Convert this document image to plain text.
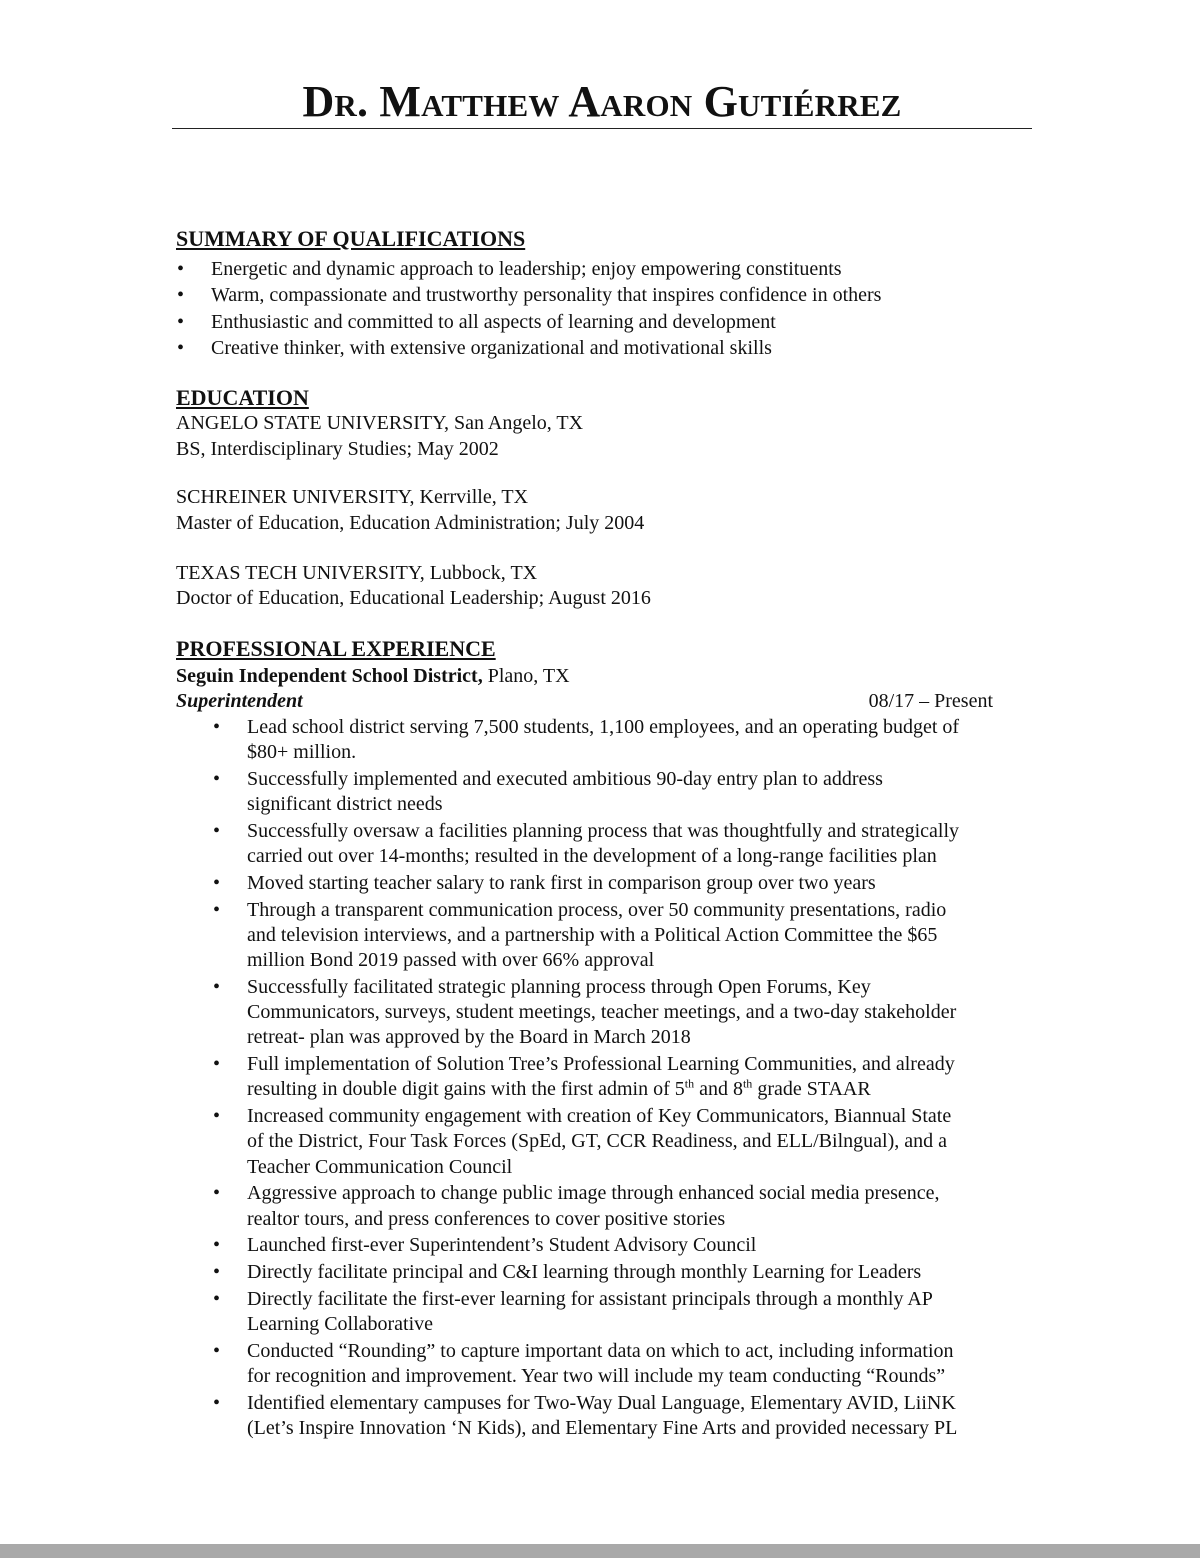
Dr. Matthew Aaron Gutiérrez
SUMMARY OF QUALIFICATIONS
• Energetic and dynamic approach to leadership; enjoy empowering constituents
• Warm, compassionate and trustworthy personality that inspires confidence in others
• Enthusiastic and committed to all aspects of learning and development
• Creative thinker, with extensive organizational and motivational skills
EDUCATION
ANGELO STATE UNIVERSITY, San Angelo, TX
BS, Interdisciplinary Studies; May 2002
SCHREINER UNIVERSITY, Kerrville, TX
Master of Education, Education Administration; July 2004
TEXAS TECH UNIVERSITY, Lubbock, TX
Doctor of Education, Educational Leadership; August 2016
PROFESSIONAL EXPERIENCE
Seguin Independent School District, Plano, TX
Superintendent	08/17 – Present
• Lead school district serving 7,500 students, 1,100 employees, and an operating budget of
$80+ million.
• Successfully implemented and executed ambitious 90-day entry plan to address
significant district needs
• Successfully oversaw a facilities planning process that was thoughtfully and strategically
carried out over 14-months; resulted in the development of a long-range facilities plan
• Moved starting teacher salary to rank first in comparison group over two years
• Through a transparent communication process, over 50 community presentations, radio
and television interviews, and a partnership with a Political Action Committee the $65
million Bond 2019 passed with over 66% approval
• Successfully facilitated strategic planning process through Open Forums, Key
Communicators, surveys, student meetings, teacher meetings, and a two-day stakeholder
retreat- plan was approved by the Board in March 2018
• Full implementation of Solution Tree’s Professional Learning Communities, and already
resulting in double digit gains with the first admin of 5th and 8th grade STAAR
• Increased community engagement with creation of Key Communicators, Biannual State
of the District, Four Task Forces (SpEd, GT, CCR Readiness, and ELL/Bilngual), and a
Teacher Communication Council
• Aggressive approach to change public image through enhanced social media presence,
realtor tours, and press conferences to cover positive stories
• Launched first-ever Superintendent’s Student Advisory Council
• Directly facilitate principal and C&I learning through monthly Learning for Leaders
• Directly facilitate the first-ever learning for assistant principals through a monthly AP
Learning Collaborative
• Conducted “Rounding” to capture important data on which to act, including information
for recognition and improvement. Year two will include my team conducting “Rounds”
• Identified elementary campuses for Two-Way Dual Language, Elementary AVID, LiiNK
(Let’s Inspire Innovation ‘N Kids), and Elementary Fine Arts and provided necessary PL
